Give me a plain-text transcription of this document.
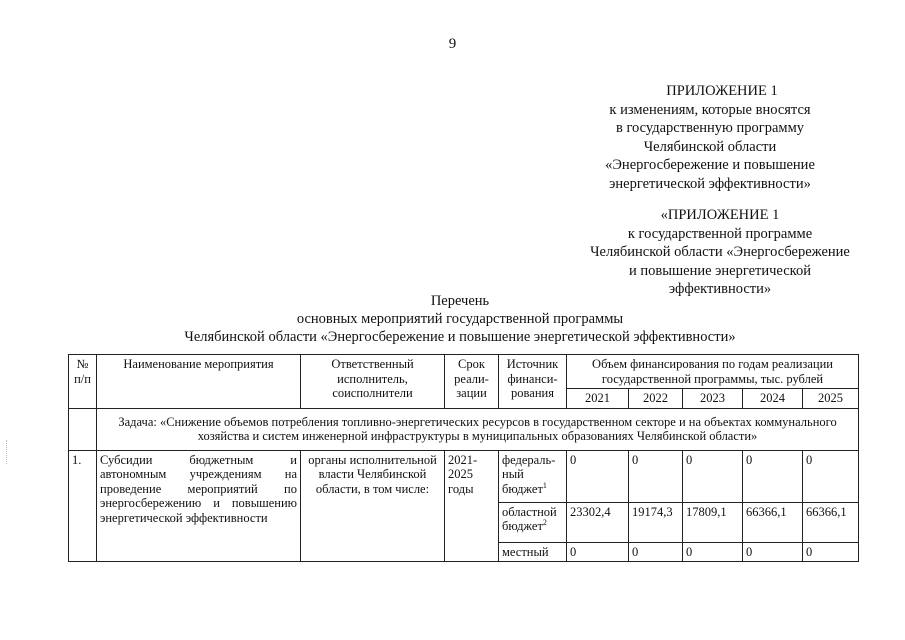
9
ПРИЛОЖЕНИЕ 1
к изменениям, которые вносятся
в государственную программу
Челябинской области
«Энергосбережение и повышение
энергетической эффективности»
«ПРИЛОЖЕНИЕ 1
к государственной программе
Челябинской области «Энергосбережение
и повышение энергетической
эффективности»
Перечень
основных мероприятий государственной программы
Челябинской области «Энергосбережение и повышение энергетической эффективности»
№ п/п	Наименование мероприятия	Ответственный исполнитель, соисполнители	Срок реали-зации	Источник финанси-рования	Объем финансирования по годам реализации государственной программы, тыс. рублей				
					2021	2022	2023	2024	2025
	Задача: «Снижение объемов потребления топливно-энергетических ресурсов в государственном секторе и на объектах коммунального хозяйства и систем инженерной инфраструктуры в муниципальных образованиях Челябинской области»								
1.	Субсидии бюджетным и автономным учреждениям на проведение мероприятий по энергосбережению и повышению энергетической эффективности	органы исполнительной власти Челябинской области, в том числе:	2021-2025 годы	федераль-ный бюджет$^1$	0	0	0	0	0
				областной бюджет$^2$	23302,4	19174,3	17809,1	66366,1	66366,1
				местный	0	0	0	0	0
